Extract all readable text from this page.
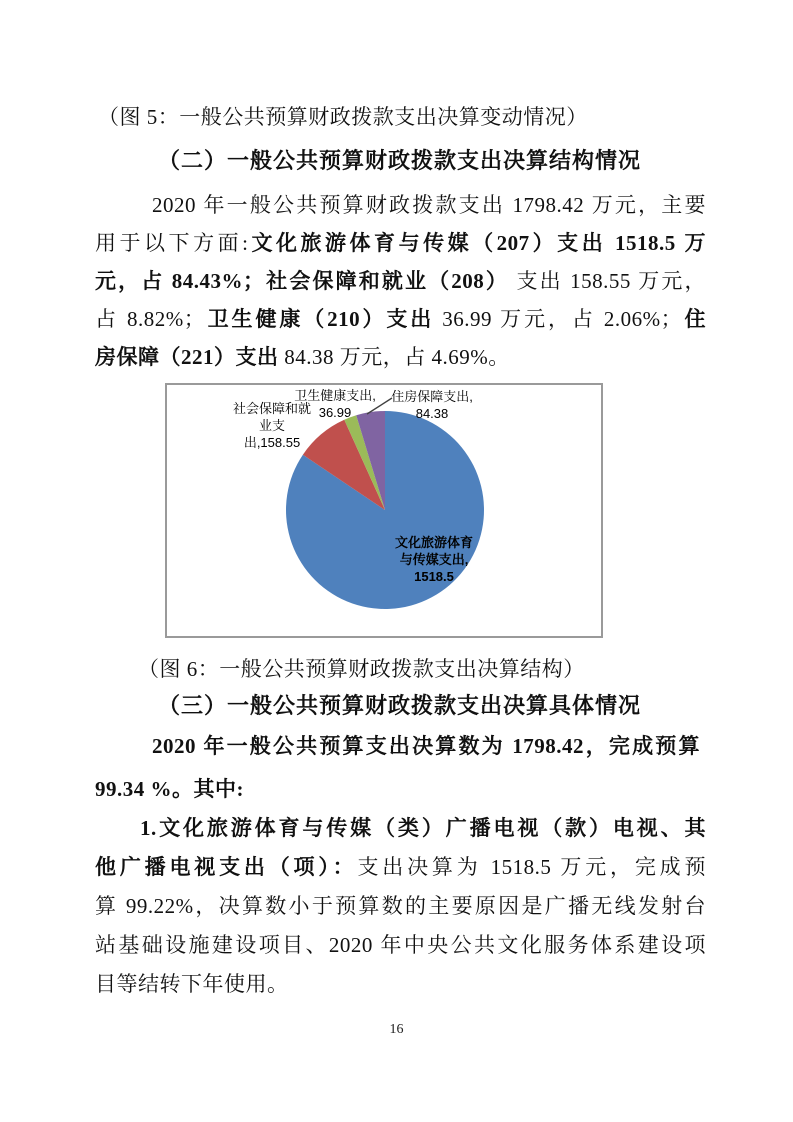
（图 5：一般公共预算财政拨款支出决算变动情况）
（二）一般公共预算财政拨款支出决算结构情况
2020 年一般公共预算财政拨款支出 1798.42 万元，主要
用于以下方面:文化旅游体育与传媒（207）支出 1518.5 万
元，占 84.43%；社会保障和就业（208） 支出 158.55 万元，
占 8.82%；卫生健康（210）支出 36.99 万元，占 2.06%；住
房保障（221）支出 84.38 万元，占 4.69%。
卫生健康支出,
36.99
住房保障支出,
84.38
社会保障和就
业支出,158.55
文化旅游体育
与传媒支出,
1518.5
（图 6：一般公共预算财政拨款支出决算结构）
（三）一般公共预算财政拨款支出决算具体情况
2020 年一般公共预算支出决算数为 1798.42，完成预算
99.34 %。其中:
1.文化旅游体育与传媒（类）广播电视（款）电视、其
他广播电视支出（项）：支出决算为 1518.5 万元，完成预
算 99.22%，决算数小于预算数的主要原因是广播无线发射台
站基础设施建设项目、2020 年中央公共文化服务体系建设项
目等结转下年使用。
16
